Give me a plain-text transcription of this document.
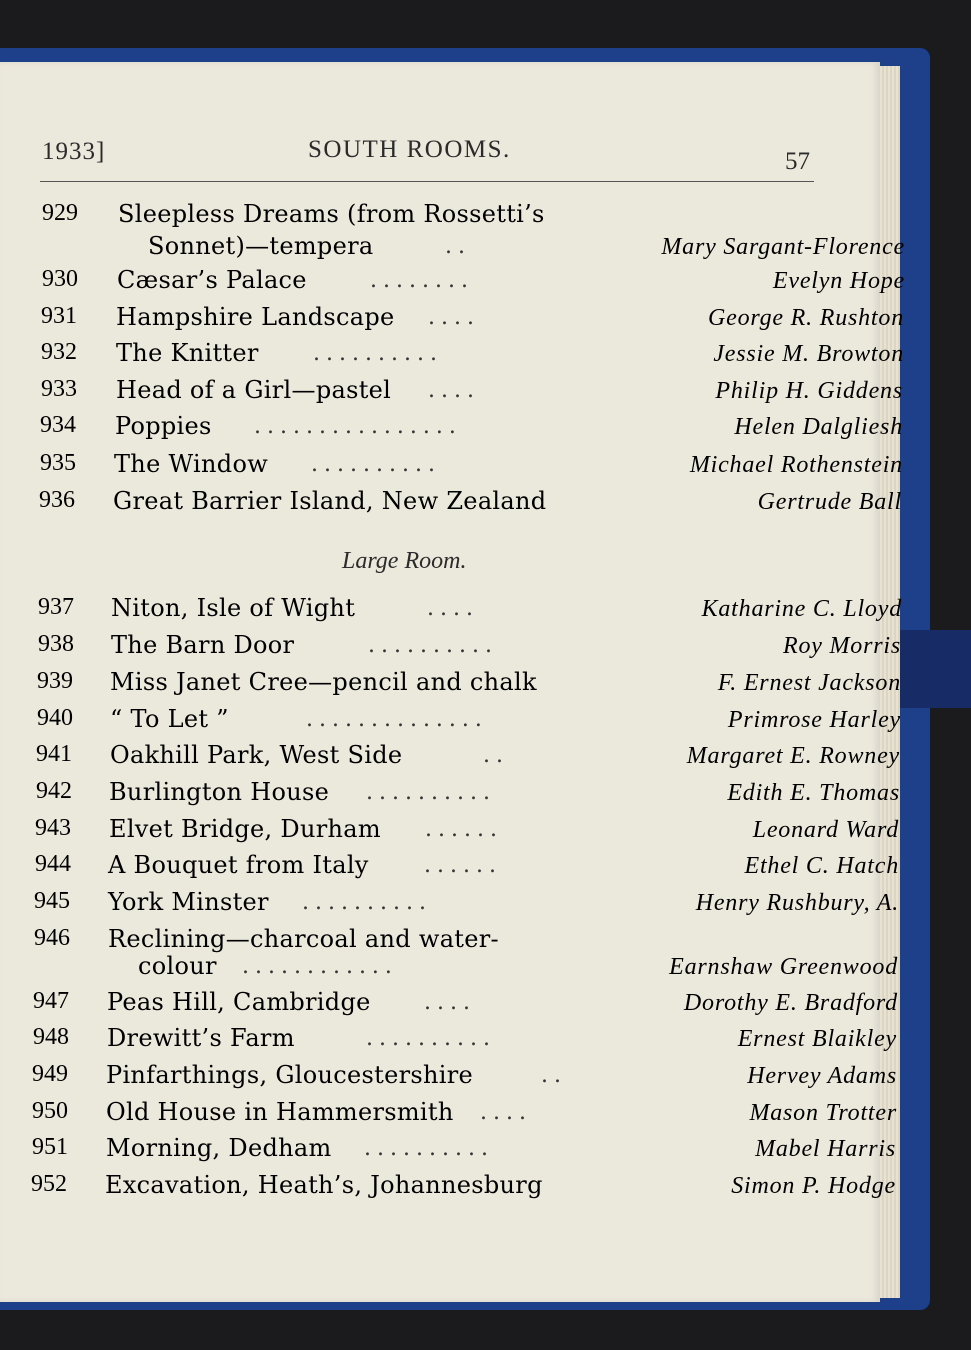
1933]	SOUTH ROOMS.	57
929	Sleepless Dreams (from Rossetti’s
Sonnet)—tempera	..	Mary Sargant-Florence
930	Cæsar’s Palace	........	Evelyn Hope
931	Hampshire Landscape ....	George R. Rushton
932	The Knitter ..........	Jessie M. Browton
933	Head of a Girl—pastel ....	Philip H. Giddens
934	Poppies ................	Helen Dalgliesh
935	The Window ..........	Michael Rothenstein
936	Great Barrier Island, New Zealand	Gertrude Ball
937	Niton, Isle of Wight	....	Katharine C. Lloyd
938	The Barn Door	..........	Roy Morris
939	Miss Janet Cree—pencil and chalk	F. Ernest Jackson
940	“ To Let ”	..............	Primrose Harley
941	Oakhill Park, West Side	..	Margaret E. Rowney
942	Burlington House ..........	Edith E. Thomas
943	Elvet Bridge, Durham ......	Leonard Ward
944	A Bouquet from Italy	......	Ethel C. Hatch
945	York Minster ..........	Henry Rushbury, A.
946	Reclining—charcoal and water-
colour ............	Earnshaw Greenwood
947	Peas Hill, Cambridge ....	Dorothy E. Bradford
948	Drewitt’s Farm	..........	Ernest Blaikley
949	Pinfarthings, Gloucestershire	..	Hervey Adams
950	Old House in Hammersmith ....	Mason Trotter
951	Morning, Dedham ..........	Mabel Harris
952	Excavation, Heath’s, Johannesburg	Simon P. Hodge
Large Room.
